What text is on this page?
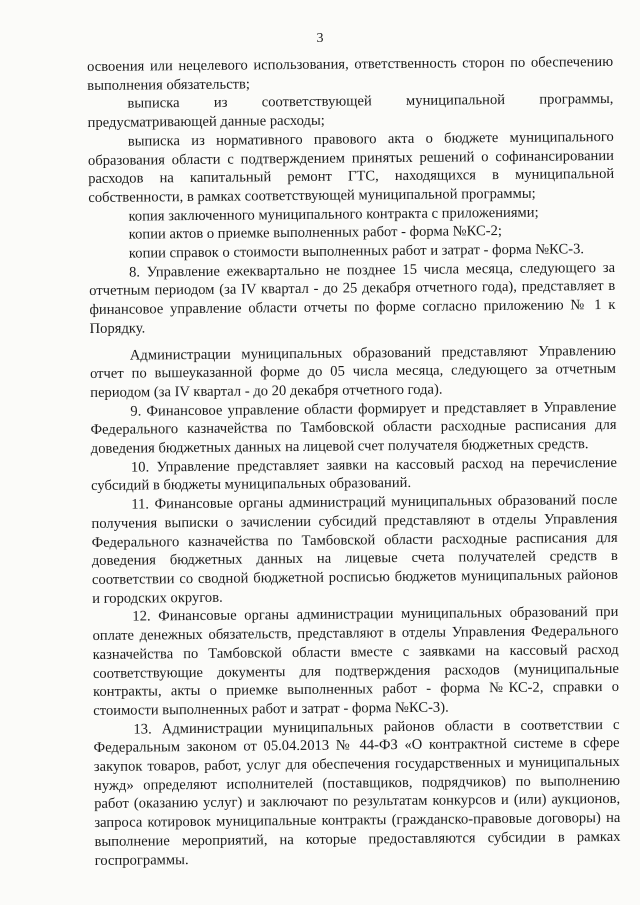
3

освоения или нецелевого использования, ответственность сторон по обеспечению выполнения обязательств;

выписка из соответствующей муниципальной программы, предусматривающей данные расходы;

выписка из нормативного правового акта о бюджете муниципального образования области с подтверждением принятых решений о софинансировании расходов на капитальный ремонт ГТС, находящихся в муниципальной собственности, в рамках соответствующей муниципальной программы;

копия заключенного муниципального контракта с приложениями;

копии актов о приемке выполненных работ - форма №КС-2;

копии справок о стоимости выполненных работ и затрат - форма №КС-3.

8. Управление ежеквартально не позднее 15 числа месяца, следующего за отчетным периодом (за IV квартал - до 25 декабря отчетного года), представляет в финансовое управление области отчеты по форме согласно приложению № 1 к Порядку.

Администрации муниципальных образований представляют Управлению отчет по вышеуказанной форме до 05 числа месяца, следующего за отчетным периодом (за IV квартал - до 20 декабря отчетного года).

9. Финансовое управление области формирует и представляет в Управление Федерального казначейства по Тамбовской области расходные расписания для доведения бюджетных данных на лицевой счет получателя бюджетных средств.

10. Управление представляет заявки на кассовый расход на перечисление субсидий в бюджеты муниципальных образований.

11. Финансовые органы администраций муниципальных образований после получения выписки о зачислении субсидий представляют в отделы Управления Федерального казначейства по Тамбовской области расходные расписания для доведения бюджетных данных на лицевые счета получателей средств в соответствии со сводной бюджетной росписью бюджетов муниципальных районов и городских округов.

12. Финансовые органы администрации муниципальных образований при оплате денежных обязательств, представляют в отделы Управления Федерального казначейства по Тамбовской области вместе с заявками на кассовый расход соответствующие документы для подтверждения расходов (муниципальные контракты, акты о приемке выполненных работ - форма №КС-2, справки о стоимости выполненных работ и затрат - форма №КС-3).

13. Администрации муниципальных районов области в соответствии с Федеральным законом от 05.04.2013 № 44-ФЗ «О контрактной системе в сфере закупок товаров, работ, услуг для обеспечения государственных и муниципальных нужд» определяют исполнителей (поставщиков, подрядчиков) по выполнению работ (оказанию услуг) и заключают по результатам конкурсов и (или) аукционов, запроса котировок муниципальные контракты (гражданско-правовые договоры) на выполнение мероприятий, на которые предоставляются субсидии в рамках госпрограммы.
